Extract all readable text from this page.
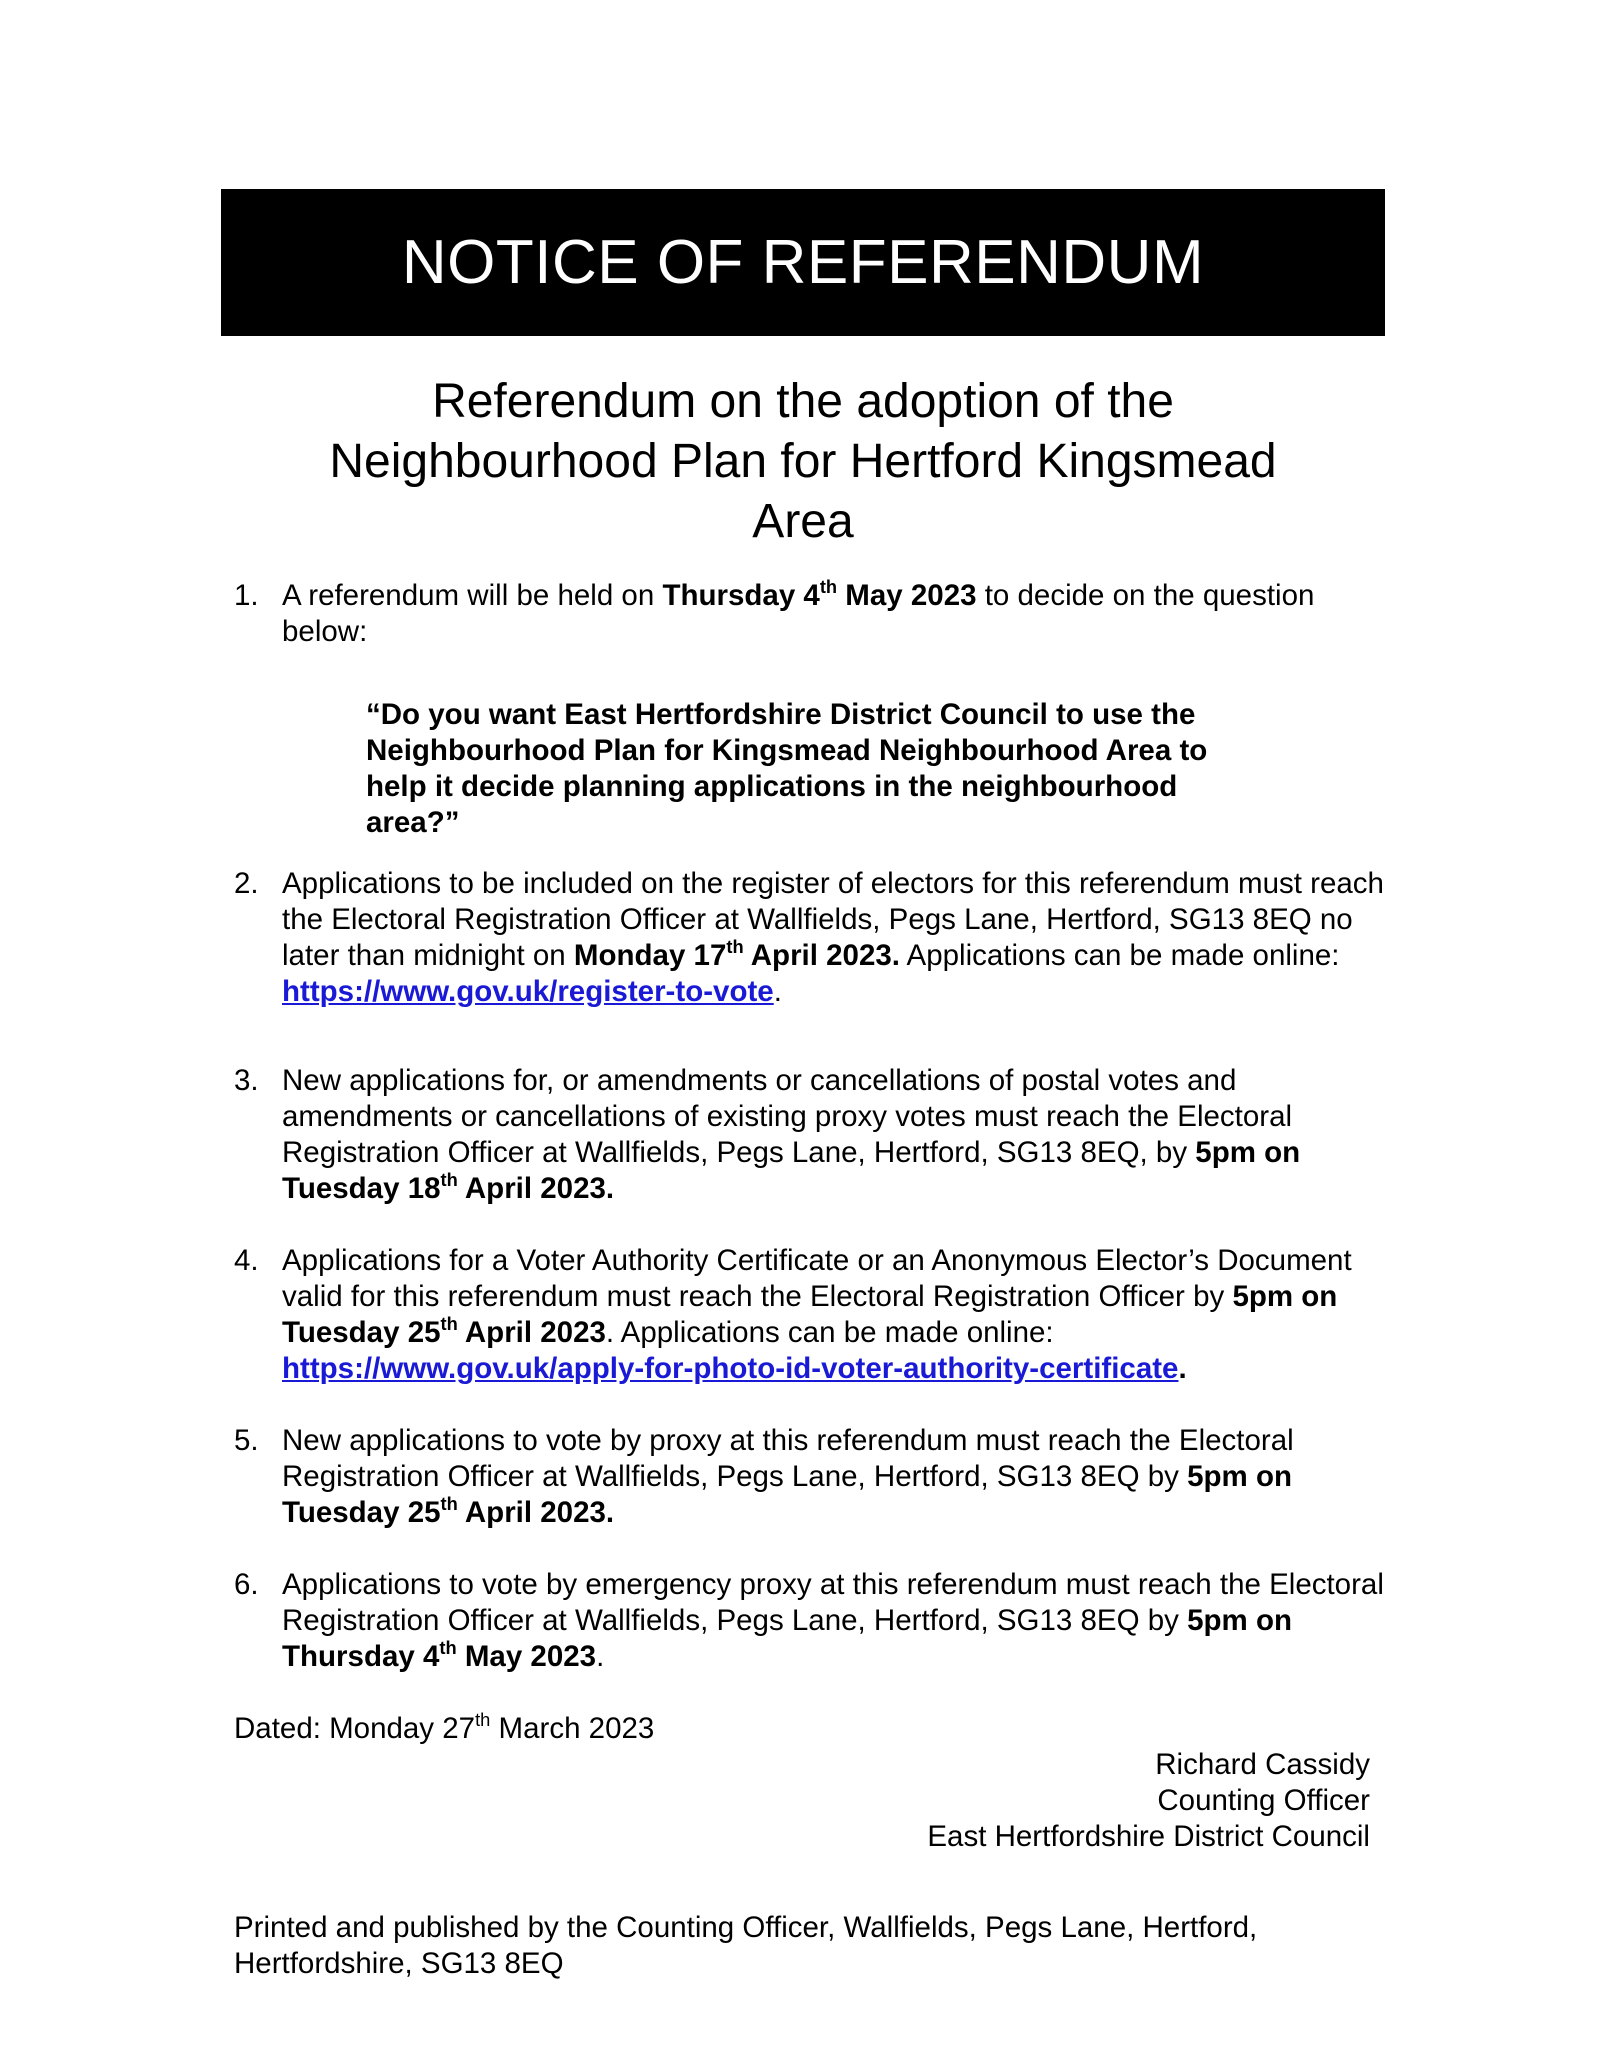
NOTICE OF REFERENDUM
Referendum on the adoption of the
Neighbourhood Plan for Hertford Kingsmead
Area
1. A referendum will be held on Thursday 4th May 2023 to decide on the question below:
“Do you want East Hertfordshire District Council to use the Neighbourhood Plan for Kingsmead Neighbourhood Area to help it decide planning applications in the neighbourhood area?”
2. Applications to be included on the register of electors for this referendum must reach the Electoral Registration Officer at Wallfields, Pegs Lane, Hertford, SG13 8EQ no later than midnight on Monday 17th April 2023. Applications can be made online: https://www.gov.uk/register-to-vote.
3. New applications for, or amendments or cancellations of postal votes and amendments or cancellations of existing proxy votes must reach the Electoral Registration Officer at Wallfields, Pegs Lane, Hertford, SG13 8EQ, by 5pm on Tuesday 18th April 2023.
4. Applications for a Voter Authority Certificate or an Anonymous Elector’s Document valid for this referendum must reach the Electoral Registration Officer by 5pm on Tuesday 25th April 2023. Applications can be made online: https://www.gov.uk/apply-for-photo-id-voter-authority-certificate.
5. New applications to vote by proxy at this referendum must reach the Electoral Registration Officer at Wallfields, Pegs Lane, Hertford, SG13 8EQ by 5pm on Tuesday 25th April 2023.
6. Applications to vote by emergency proxy at this referendum must reach the Electoral Registration Officer at Wallfields, Pegs Lane, Hertford, SG13 8EQ by 5pm on Thursday 4th May 2023.
Dated: Monday 27th March 2023
Richard Cassidy
Counting Officer
East Hertfordshire District Council
Printed and published by the Counting Officer, Wallfields, Pegs Lane, Hertford,
Hertfordshire, SG13 8EQ
